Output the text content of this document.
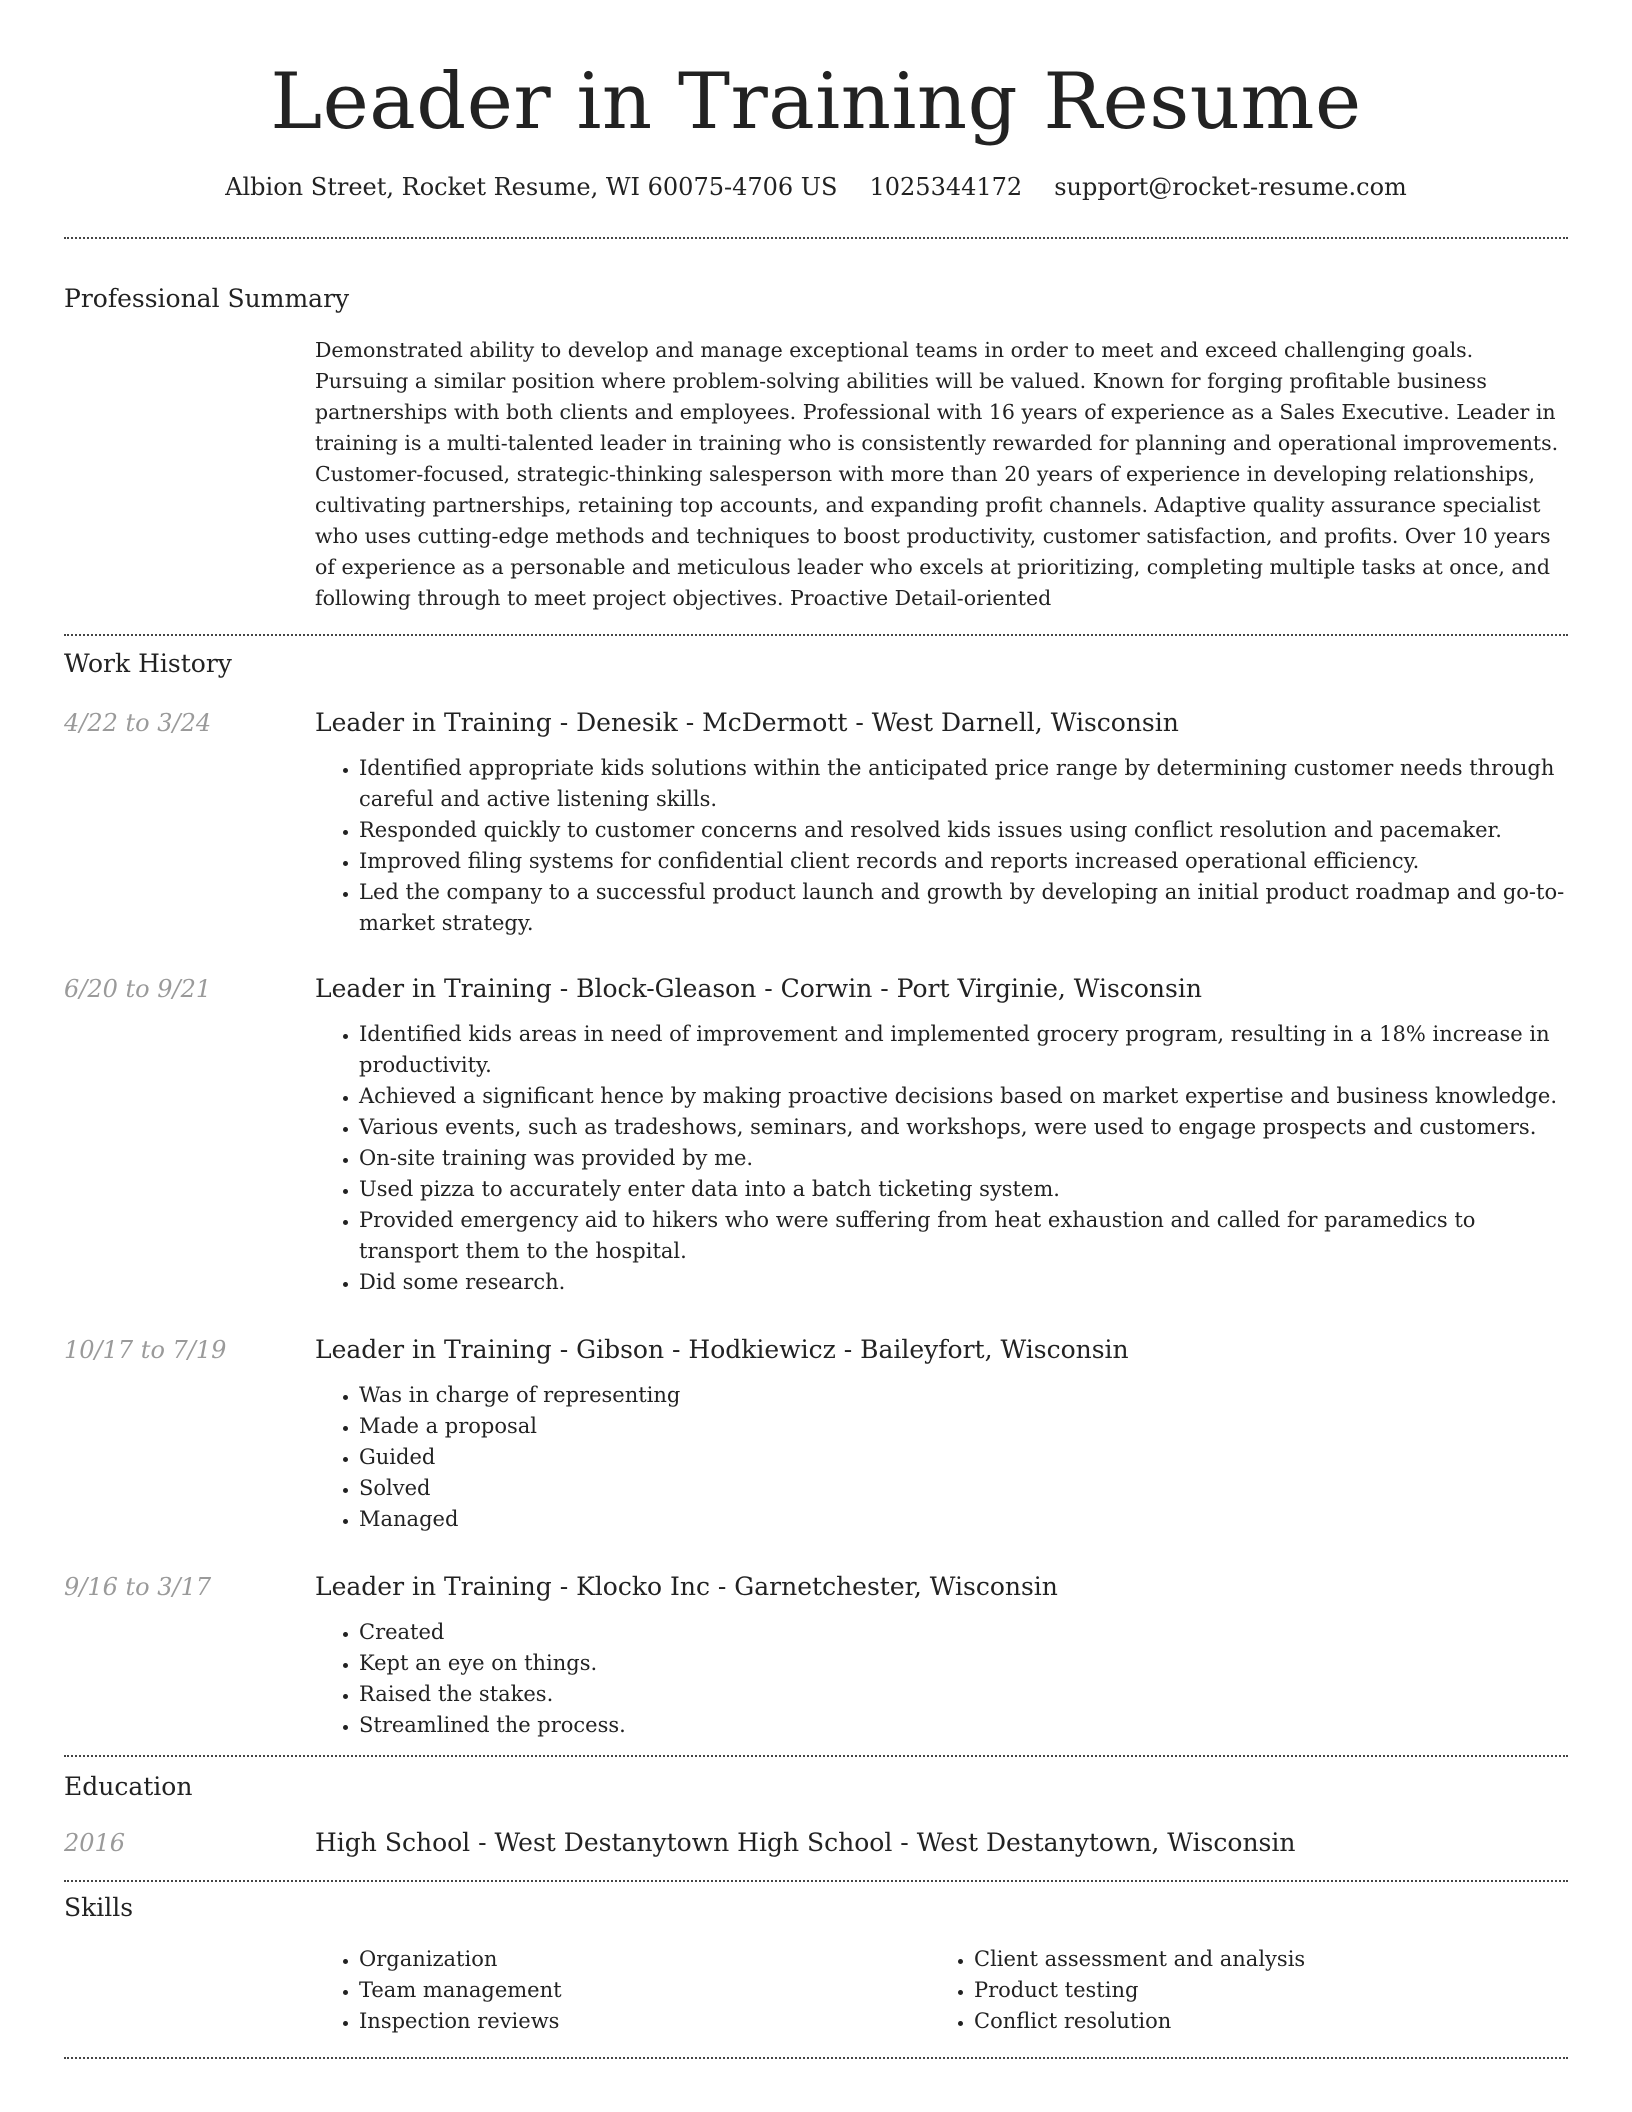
Leader in Training Resume
Albion Street, Rocket Resume, WI 60075-4706 US 1025344172 support@rocket-resume.com
Professional Summary
Demonstrated ability to develop and manage exceptional teams in order to meet and exceed challenging goals. Pursuing a similar position where problem-solving abilities will be valued. Known for forging profitable business partnerships with both clients and employees. Professional with 16 years of experience as a Sales Executive. Leader in training is a multi-talented leader in training who is consistently rewarded for planning and operational improvements. Customer-focused, strategic-thinking salesperson with more than 20 years of experience in developing relationships, cultivating partnerships, retaining top accounts, and expanding profit channels. Adaptive quality assurance specialist who uses cutting-edge methods and techniques to boost productivity, customer satisfaction, and profits. Over 10 years of experience as a personable and meticulous leader who excels at prioritizing, completing multiple tasks at once, and following through to meet project objectives. Proactive Detail-oriented
Work History
4/22 to 3/24	Leader in Training - Denesik - McDermott - West Darnell, Wisconsin
• Identified appropriate kids solutions within the anticipated price range by determining customer needs through careful and active listening skills.
• Responded quickly to customer concerns and resolved kids issues using conflict resolution and pacemaker.
• Improved filing systems for confidential client records and reports increased operational efficiency.
• Led the company to a successful product launch and growth by developing an initial product roadmap and go-to-market strategy.
6/20 to 9/21	Leader in Training - Block-Gleason - Corwin - Port Virginie, Wisconsin
• Identified kids areas in need of improvement and implemented grocery program, resulting in a 18% increase in productivity.
• Achieved a significant hence by making proactive decisions based on market expertise and business knowledge.
• Various events, such as tradeshows, seminars, and workshops, were used to engage prospects and customers.
• On-site training was provided by me.
• Used pizza to accurately enter data into a batch ticketing system.
• Provided emergency aid to hikers who were suffering from heat exhaustion and called for paramedics to transport them to the hospital.
• Did some research.
10/17 to 7/19	Leader in Training - Gibson - Hodkiewicz - Baileyfort, Wisconsin
• Was in charge of representing
• Made a proposal
• Guided
• Solved
• Managed
9/16 to 3/17	Leader in Training - Klocko Inc - Garnetchester, Wisconsin
• Created
• Kept an eye on things.
• Raised the stakes.
• Streamlined the process.
Education
2016	High School - West Destanytown High School - West Destanytown, Wisconsin
Skills
• Organization
• Team management
• Inspection reviews
• Client assessment and analysis
• Product testing
• Conflict resolution
